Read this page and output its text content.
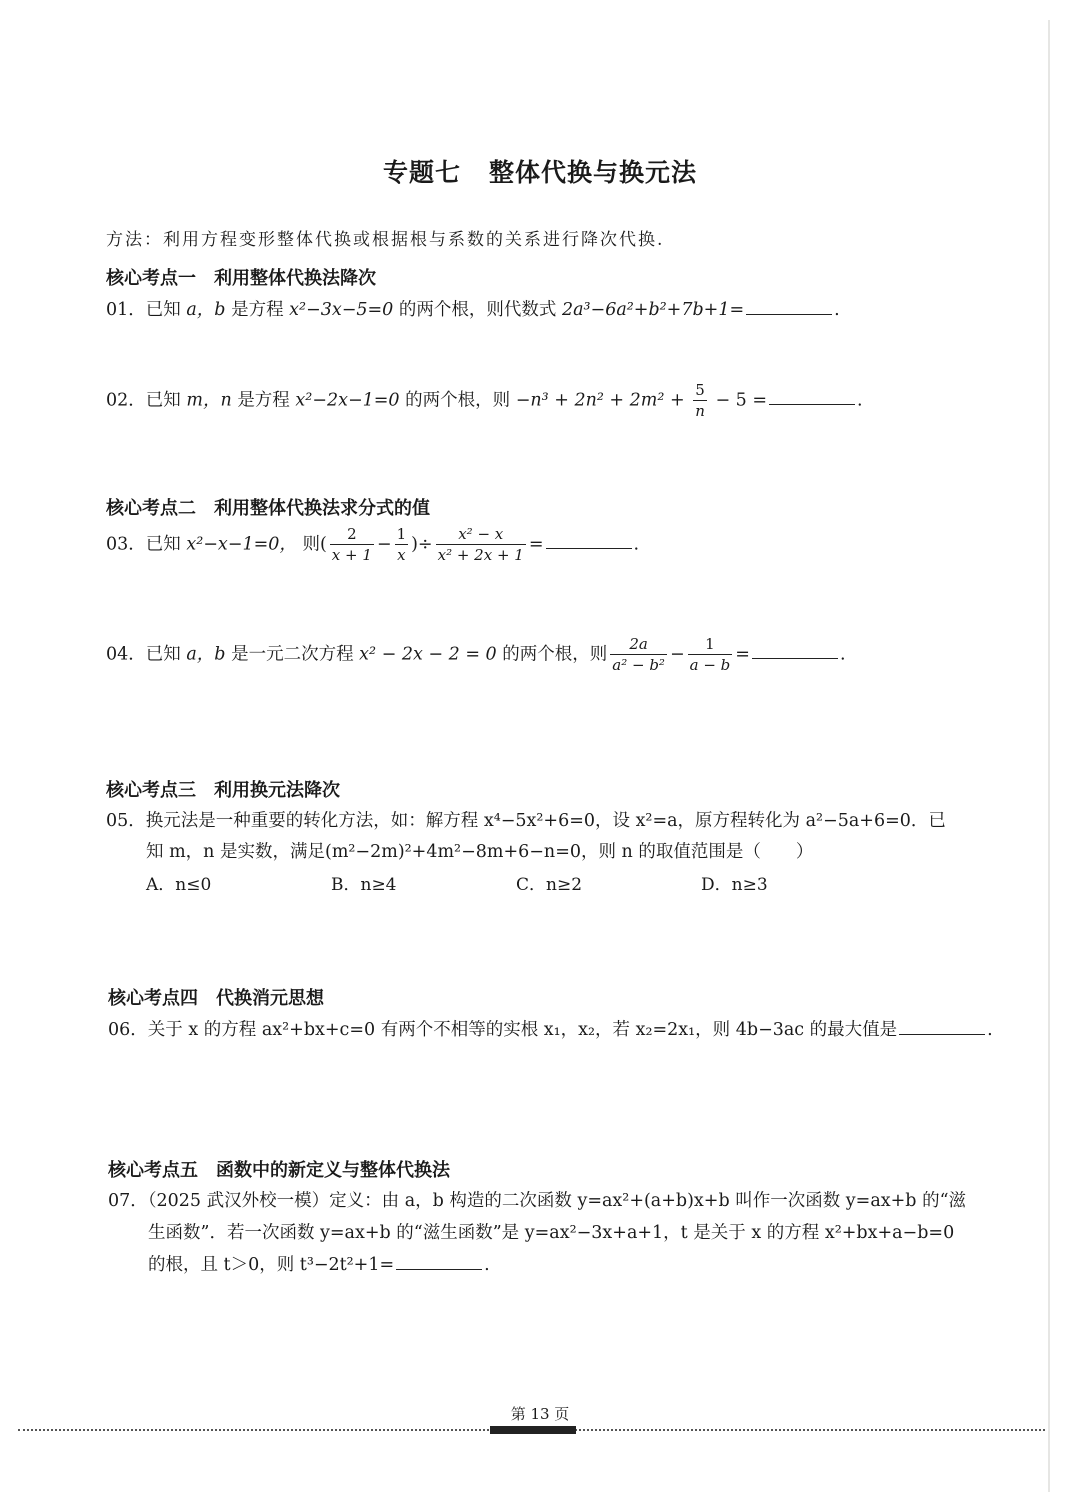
专题七 整体代换与换元法
方法：利用方程变形整体代换或根据根与系数的关系进行降次代换.
核心考点一 利用整体代换法降次
01．已知 a，b 是方程 x²−3x−5=0 的两个根，则代数式 2a³−6a²+b²+7b+1=	.
02．已知 m，n 是方程 x²−2x−1=0 的两个根，则 $-n^3 + 2n^2 + 2m^2 + \frac{5}{n} - 5$ =	.
核心考点二 利用整体代换法求分式的值
03．已知 x²−x−1=0， 则( $\frac{2}{x + 1} - \frac{1}{x}$ )÷ $\frac{\text{x² − x}}{\text{x² + 2x + 1}}$ =	.
04．已知 a，b 是一元二次方程 x² − 2x − 2 = 0 的两个根，则 $\frac{2a}{\text{a² − b²}} - \frac{1}{a - b}$ =	.
核心考点三 利用换元法降次
05．换元法是一种重要的转化方法，如：解方程 x⁴−5x²+6=0，设 x²=a，原方程转化为 a²−5a+6=0．已
知 m，n 是实数，满足(m²−2m)²+4m²−8m+6−n=0，则 n 的取值范围是（　　）
A．n≤0	B．n≥4	C．n≥2	D．n≥3
核心考点四 代换消元思想
06．关于 x 的方程 ax²+bx+c=0 有两个不相等的实根 x₁，x₂，若 x₂=2x₁，则 4b−3ac 的最大值是	.
核心考点五 函数中的新定义与整体代换法
07．（2025 武汉外校一模）定义：由 a，b 构造的二次函数 y=ax²+(a+b)x+b 叫作一次函数 y=ax+b 的“滋
生函数”．若一次函数 y=ax+b 的“滋生函数”是 y=ax²−3x+a+1，t 是关于 x 的方程 x²+bx+a−b=0
的根，且 t＞0，则 t³−2t²+1=	.
第 13 页
